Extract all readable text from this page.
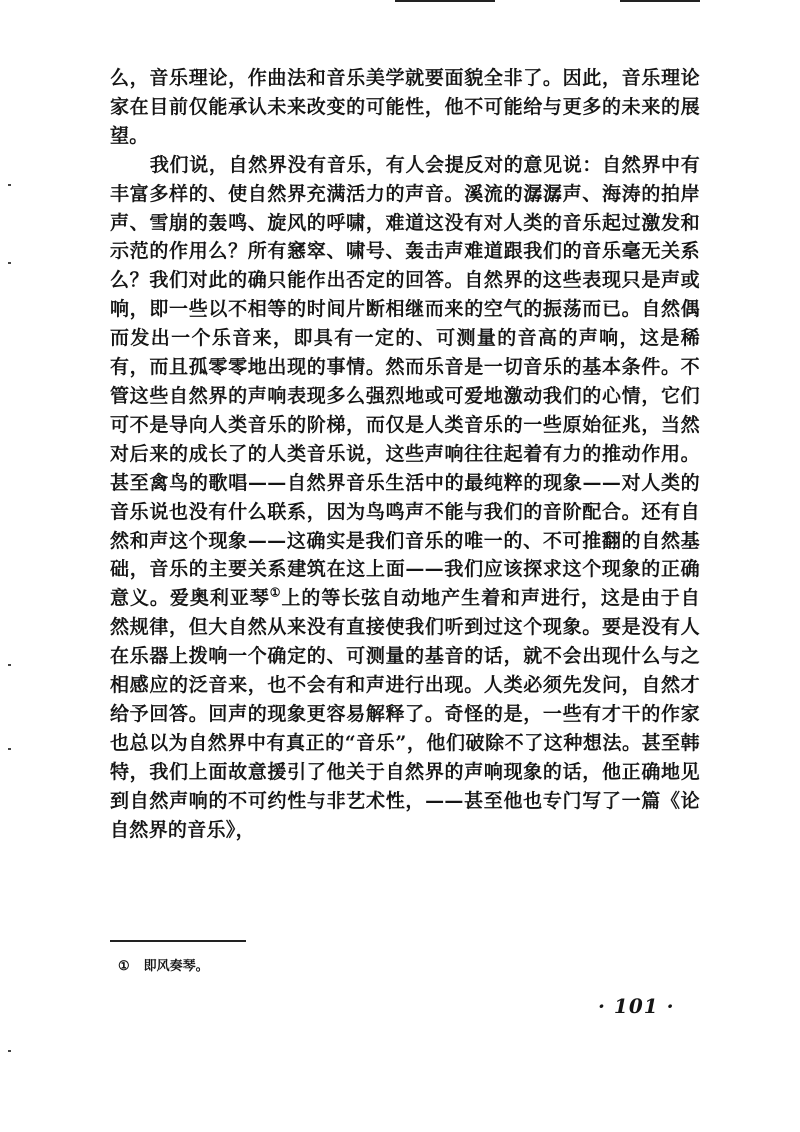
么，音乐理论，作曲法和音乐美学就要面貌全非了。因此，音乐理论家在目前仅能承认未来改变的可能性，他不可能给与更多的未来的展望。

我们说，自然界没有音乐，有人会提反对的意见说：自然界中有丰富多样的、使自然界充满活力的声音。溪流的潺潺声、海涛的拍岸声、雪崩的轰鸣、旋风的呼啸，难道这没有对人类的音乐起过激发和示范的作用么？所有窸窣、啸号、轰击声难道跟我们的音乐毫无关系么？我们对此的确只能作出否定的回答。自然界的这些表现只是声或响，即一些以不相等的时间片断相继而来的空气的振荡而已。自然偶而发出一个乐音来，即具有一定的、可测量的音高的声响，这是稀有，而且孤零零地出现的事情。然而乐音是一切音乐的基本条件。不管这些自然界的声响表现多么强烈地或可爱地激动我们的心情，它们可不是导向人类音乐的阶梯，而仅是人类音乐的一些原始征兆，当然对后来的成长了的人类音乐说，这些声响往往起着有力的推动作用。甚至禽鸟的歌唱——自然界音乐生活中的最纯粹的现象——对人类的音乐说也没有什么联系，因为鸟鸣声不能与我们的音阶配合。还有自然和声这个现象——这确实是我们音乐的唯一的、不可推翻的自然基础，音乐的主要关系建筑在这上面——我们应该探求这个现象的正确意义。爱奥利亚琴①上的等长弦自动地产生着和声进行，这是由于自然规律，但大自然从来没有直接使我们听到过这个现象。要是没有人在乐器上拨响一个确定的、可测量的基音的话，就不会出现什么与之相感应的泛音来，也不会有和声进行出现。人类必须先发问，自然才给予回答。回声的现象更容易解释了。奇怪的是，一些有才干的作家也总以为自然界中有真正的“音乐”，他们破除不了这种想法。甚至韩特，我们上面故意援引了他关于自然界的声响现象的话，他正确地见到自然声响的不可约性与非艺术性，——甚至他也专门写了一篇《论自然界的音乐》，

① 即风奏琴。
· 101 ·
